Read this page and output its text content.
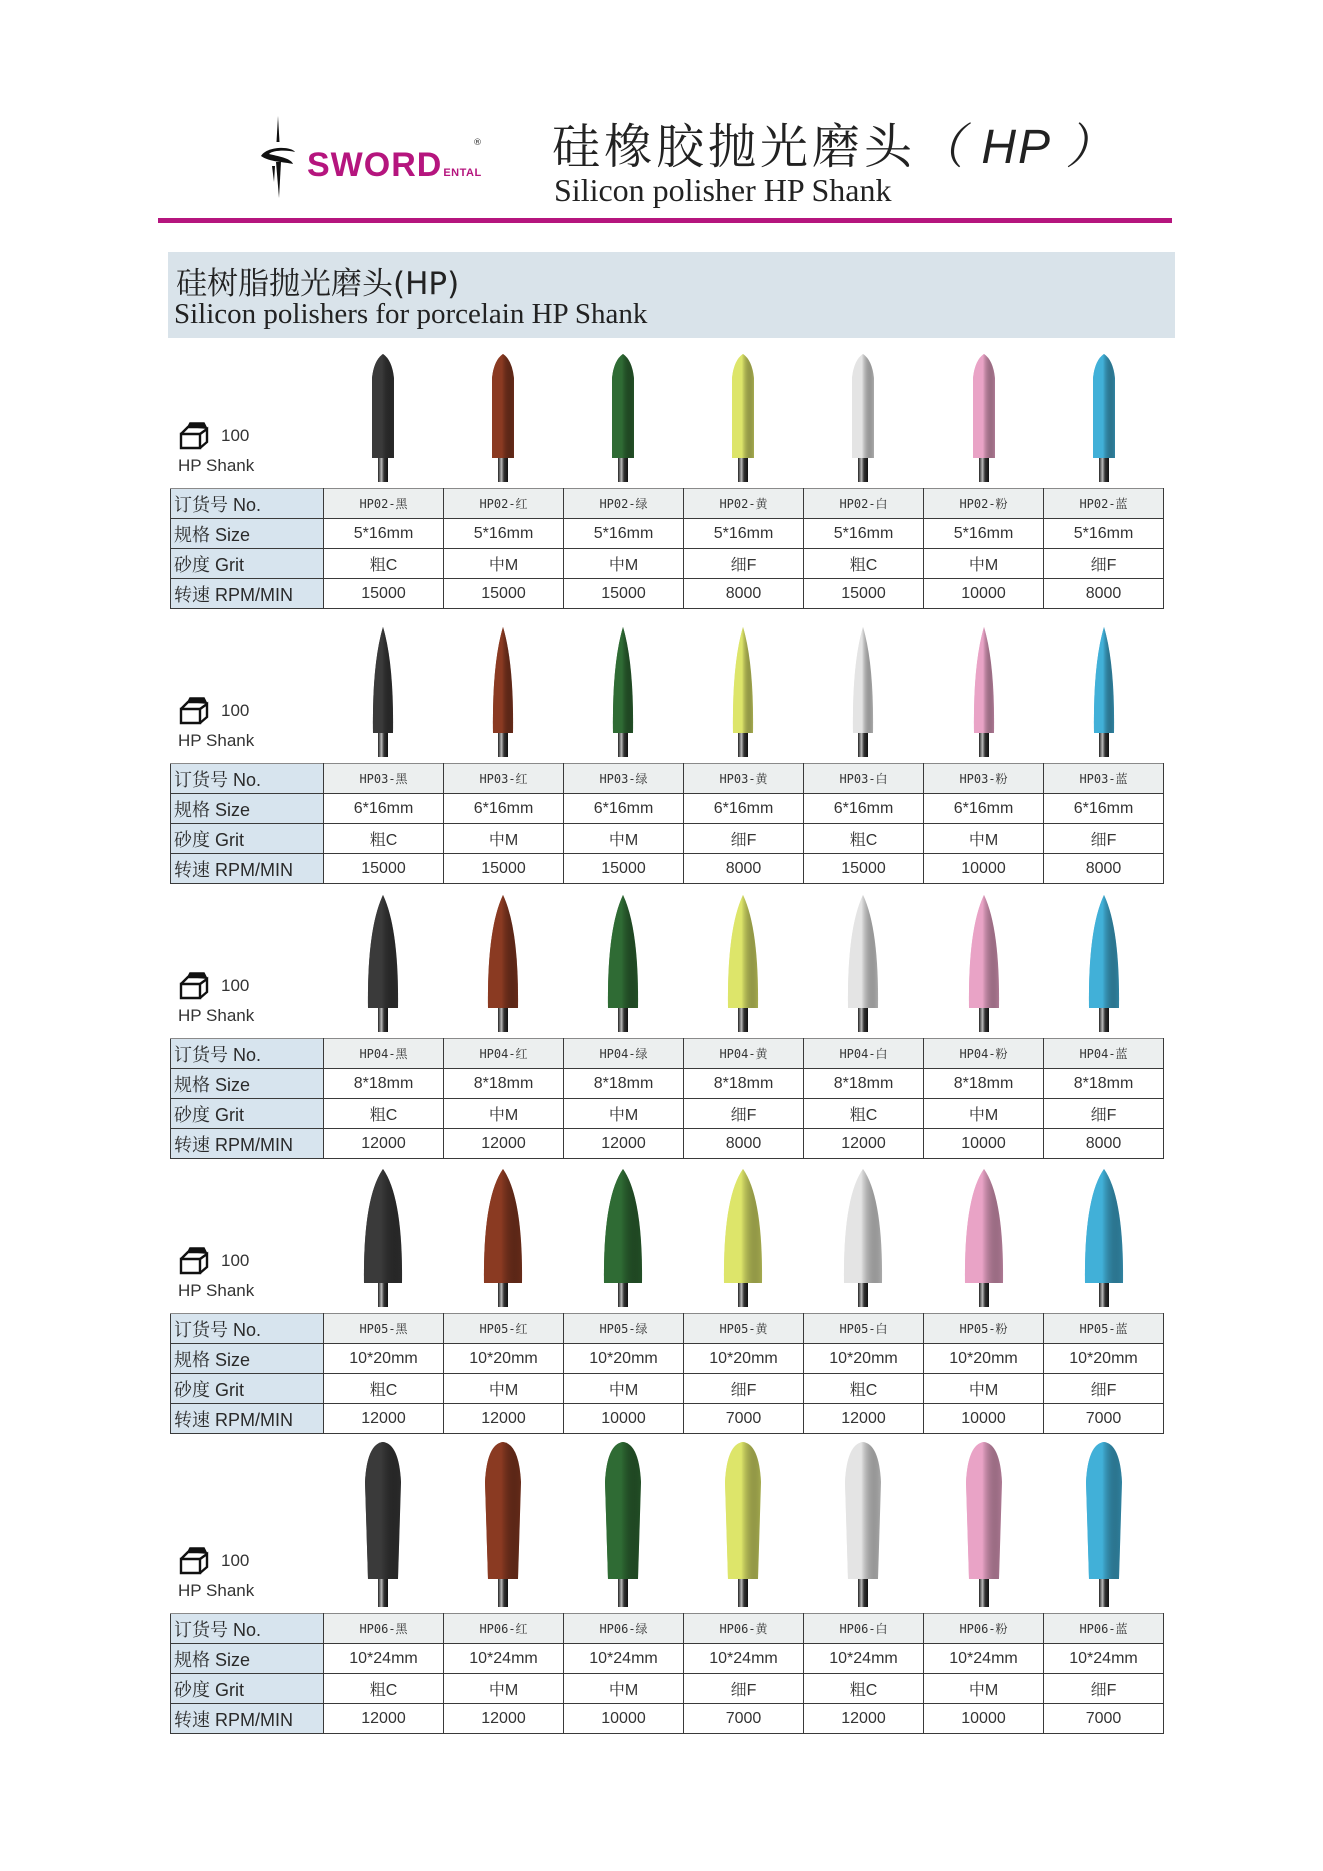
SWORDENTAL
® 硅橡胶抛光磨头（ HP ）
Silicon polisher HP Shank
硅树脂抛光磨头(HP)
Silicon polishers for porcelain HP Shank
100
HP Shank
订货号 No.	HP02-黑	HP02-红	HP02-绿	HP02-黄	HP02-白	HP02-粉	HP02-蓝
规格 Size	5*16mm	5*16mm	5*16mm	5*16mm	5*16mm	5*16mm	5*16mm
砂度 Grit	粗C	中M	中M	细F	粗C	中M	细F
转速 RPM/MIN	15000	15000	15000	8000	15000	10000	8000
100
HP Shank
订货号 No.	HP03-黑	HP03-红	HP03-绿	HP03-黄	HP03-白	HP03-粉	HP03-蓝
规格 Size	6*16mm	6*16mm	6*16mm	6*16mm	6*16mm	6*16mm	6*16mm
砂度 Grit	粗C	中M	中M	细F	粗C	中M	细F
转速 RPM/MIN	15000	15000	15000	8000	15000	10000	8000
100
HP Shank
订货号 No.	HP04-黑	HP04-红	HP04-绿	HP04-黄	HP04-白	HP04-粉	HP04-蓝
规格 Size	8*18mm	8*18mm	8*18mm	8*18mm	8*18mm	8*18mm	8*18mm
砂度 Grit	粗C	中M	中M	细F	粗C	中M	细F
转速 RPM/MIN	12000	12000	12000	8000	12000	10000	8000
100
HP Shank
订货号 No.	HP05-黑	HP05-红	HP05-绿	HP05-黄	HP05-白	HP05-粉	HP05-蓝
规格 Size	10*20mm	10*20mm	10*20mm	10*20mm	10*20mm	10*20mm	10*20mm
砂度 Grit	粗C	中M	中M	细F	粗C	中M	细F
转速 RPM/MIN	12000	12000	10000	7000	12000	10000	7000
100
HP Shank
订货号 No.	HP06-黑	HP06-红	HP06-绿	HP06-黄	HP06-白	HP06-粉	HP06-蓝
规格 Size	10*24mm	10*24mm	10*24mm	10*24mm	10*24mm	10*24mm	10*24mm
砂度 Grit	粗C	中M	中M	细F	粗C	中M	细F
转速 RPM/MIN	12000	12000	10000	7000	12000	10000	7000
